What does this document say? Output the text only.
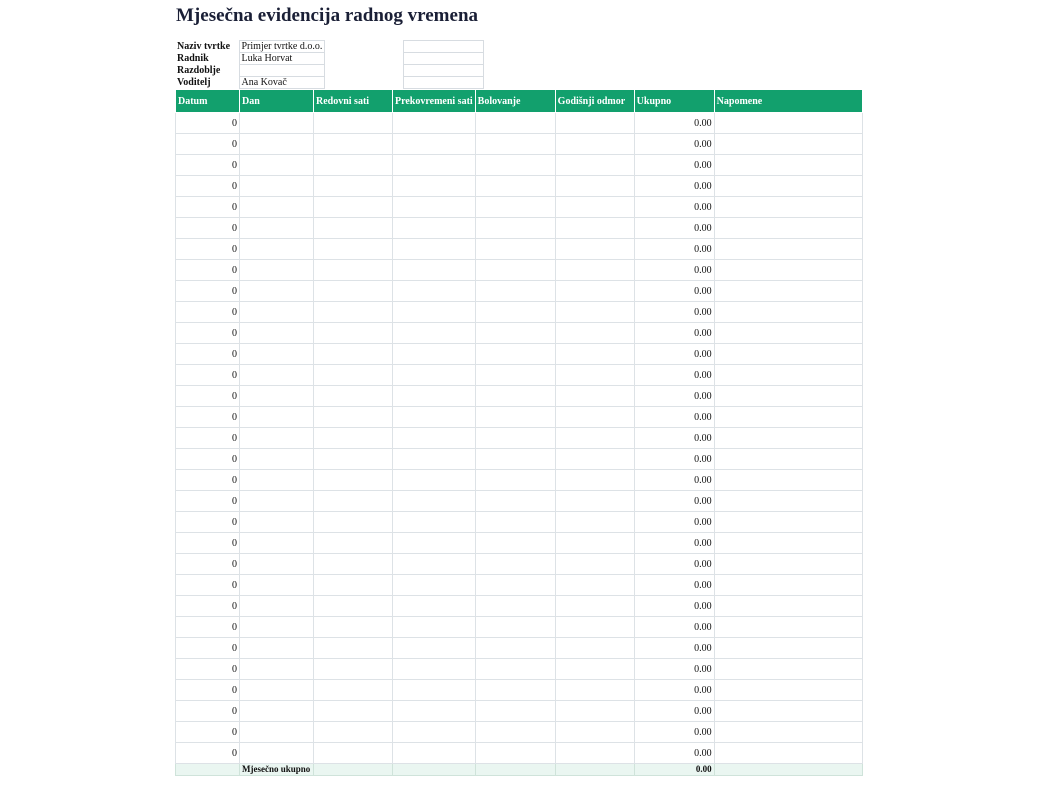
Mjesečna evidencija radnog vremena
Naziv tvrtke	Primjer tvrtke d.o.o.		
Radnik	Luka Horvat		
Razdoblje			
Voditelj	Ana Kovač		
Datum	Dan	Redovni sati	Prekovremeni sati	Bolovanje	Godišnji odmor	Ukupno	Napomene
0						0.00	
0						0.00	
0						0.00	
0						0.00	
0						0.00	
0						0.00	
0						0.00	
0						0.00	
0						0.00	
0						0.00	
0						0.00	
0						0.00	
0						0.00	
0						0.00	
0						0.00	
0						0.00	
0						0.00	
0						0.00	
0						0.00	
0						0.00	
0						0.00	
0						0.00	
0						0.00	
0						0.00	
0						0.00	
0						0.00	
0						0.00	
0						0.00	
0						0.00	
0						0.00	
0						0.00	
	Mjesečno ukupno					0.00	
